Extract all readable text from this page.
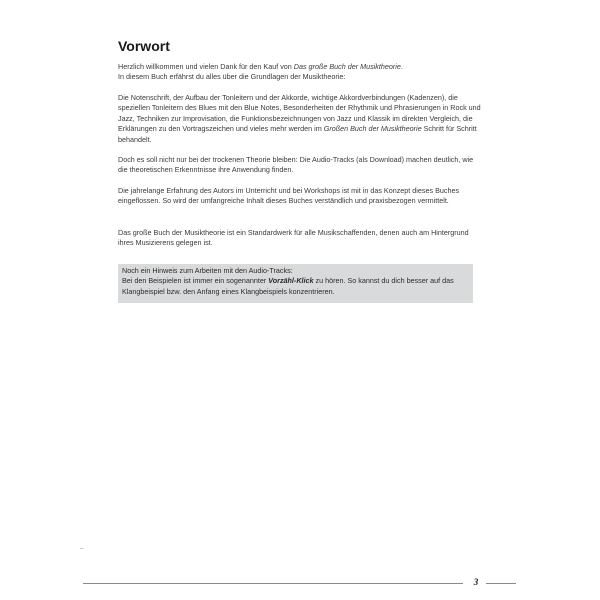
Vorwort

Herzlich willkommen und vielen Dank für den Kauf von Das große Buch der Musiktheorie.

In diesem Buch erfährst du alles über die Grundlagen der Musiktheorie:

Die Notenschrift, der Aufbau der Tonleitern und der Akkorde, wichtige Akkordverbindungen (Kadenzen), die speziellen Tonleitern des Blues mit den Blue Notes, Besonderheiten der Rhythmik und Phrasierungen in Rock und Jazz, Techniken zur Improvisation, die Funktionsbezeichnungen von Jazz und Klassik im direkten Vergleich, die Erklärungen zu den Vortragszeichen und vieles mehr werden im Großen Buch der Musiktheorie Schritt für Schritt behandelt.

Doch es soll nicht nur bei der trockenen Theorie bleiben: Die Audio-Tracks (als Download) machen deutlich, wie die theoretischen Erkenntnisse ihre Anwendung finden.

Die jahrelange Erfahrung des Autors im Unterricht und bei Workshops ist mit in das Konzept dieses Buches eingeflossen. So wird der umfangreiche Inhalt dieses Buches verständlich und praxisbezogen vermittelt.

Das große Buch der Musiktheorie ist ein Standardwerk für alle Musikschaffenden, denen auch am Hintergrund ihres Musizierens gelegen ist.

Noch ein Hinweis zum Arbeiten mit den Audio-Tracks:

Bei den Beispielen ist immer ein sogenannter Vorzähl-Klick zu hören. So kannst du dich besser auf das Klangbeispiel bzw. den Anfang eines Klangbeispiels konzentrieren.

–
3
